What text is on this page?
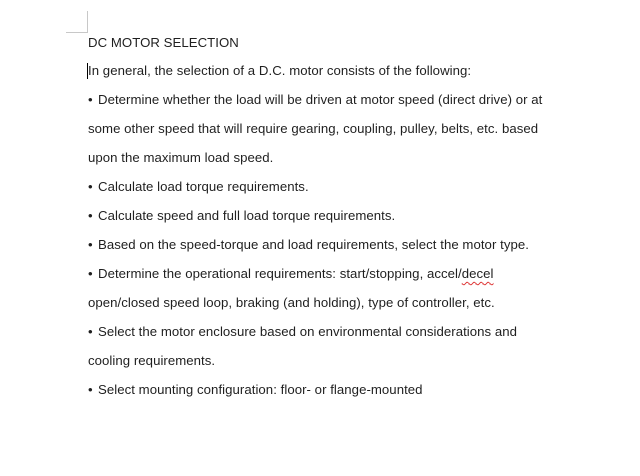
DC MOTOR SELECTION
In general, the selection of a D.C. motor consists of the following:
• Determine whether the load will be driven at motor speed (direct drive) or at
some other speed that will require gearing, coupling, pulley, belts, etc. based
upon the maximum load speed.
• Calculate load torque requirements.
• Calculate speed and full load torque requirements.
• Based on the speed-torque and load requirements, select the motor type.
• Determine the operational requirements: start/stopping, accel/decel
open/closed speed loop, braking (and holding), type of controller, etc.
• Select the motor enclosure based on environmental considerations and
cooling requirements.
• Select mounting configuration: floor- or flange-mounted
